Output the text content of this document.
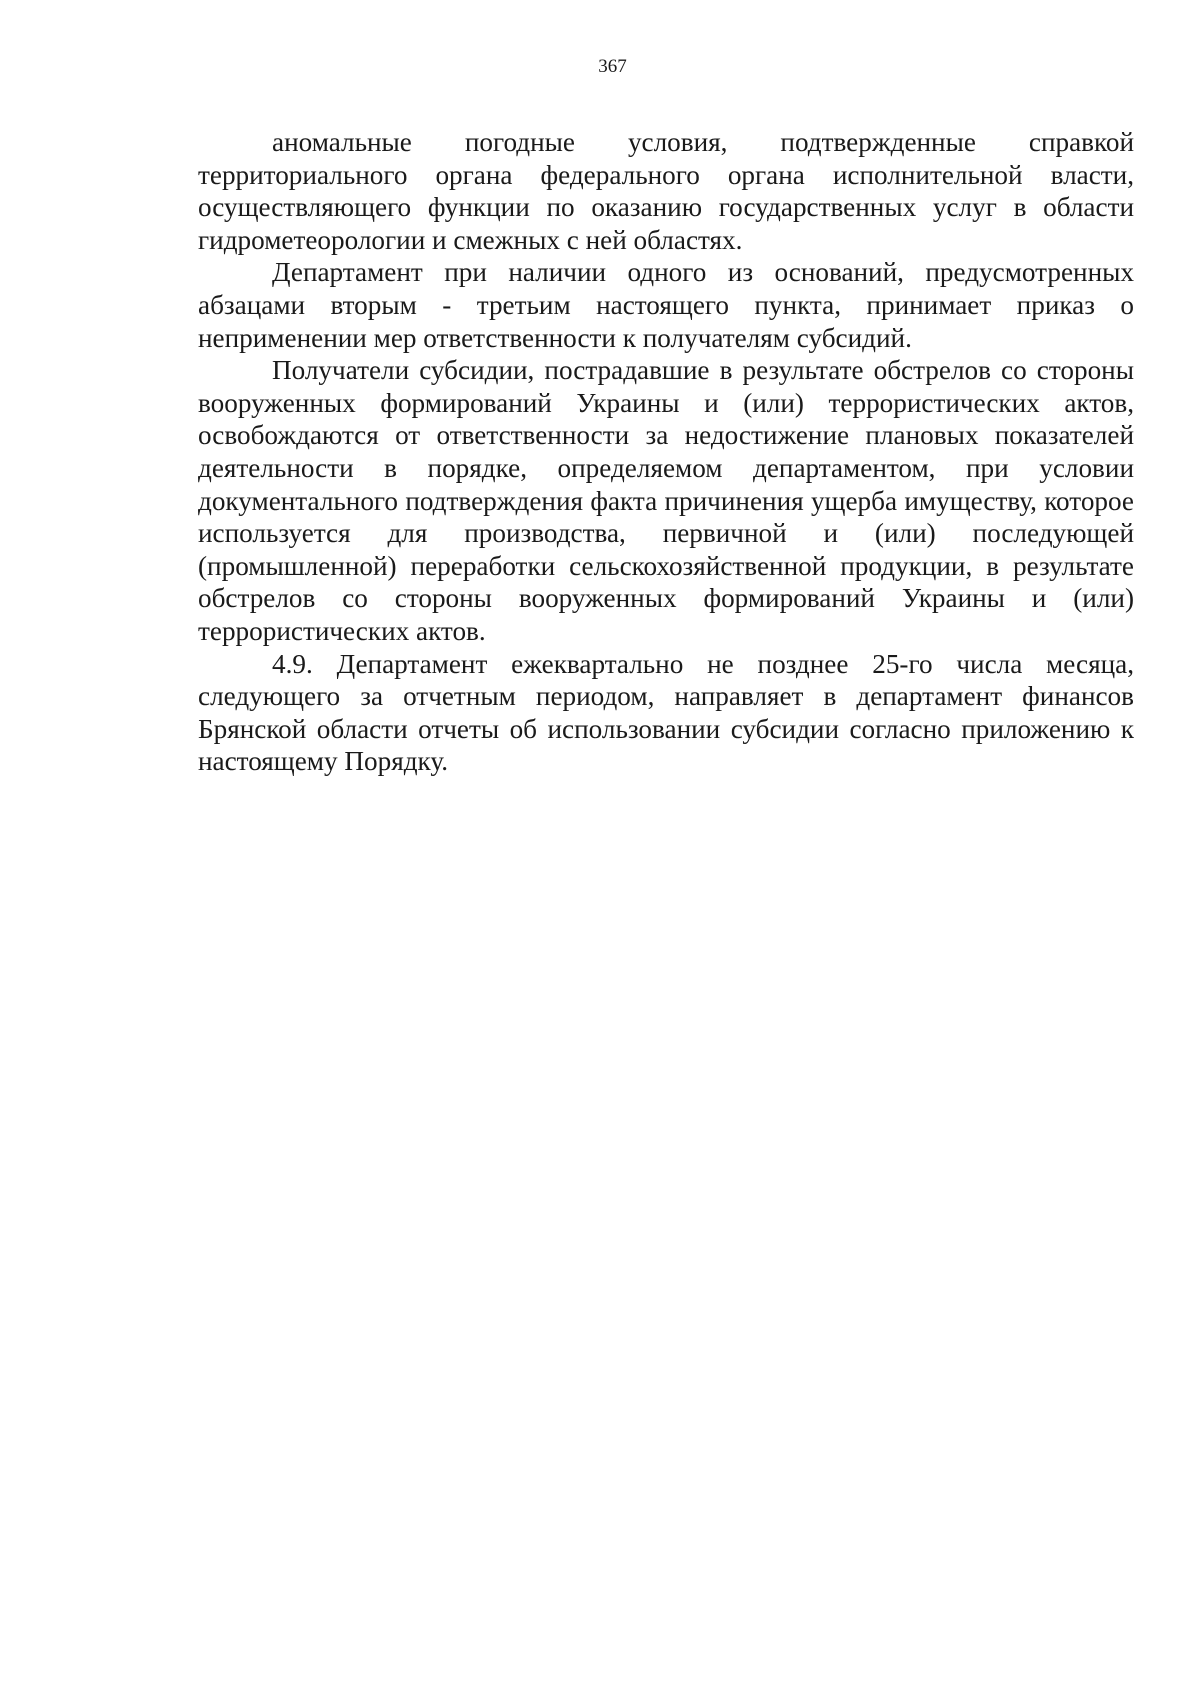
367

аномальные погодные условия, подтвержденные справкой территориального органа федерального органа исполнительной власти, осуществляющего функции по оказанию государственных услуг в области гидрометеорологии и смежных с ней областях.

Департамент при наличии одного из оснований, предусмотренных абзацами вторым - третьим настоящего пункта, принимает приказ о неприменении мер ответственности к получателям субсидий.

Получатели субсидии, пострадавшие в результате обстрелов со стороны вооруженных формирований Украины и (или) террористических актов, освобождаются от ответственности за недостижение плановых показателей деятельности в порядке, определяемом департаментом, при условии документального подтверждения факта причинения ущерба имуществу, которое используется для производства, первичной и (или) последующей (промышленной) переработки сельскохозяйственной продукции, в результате обстрелов со стороны вооруженных формирований Украины и (или) террористических актов.

4.9. Департамент ежеквартально не позднее 25-го числа месяца, следующего за отчетным периодом, направляет в департамент финансов Брянской области отчеты об использовании субсидии согласно приложению к настоящему Порядку.
